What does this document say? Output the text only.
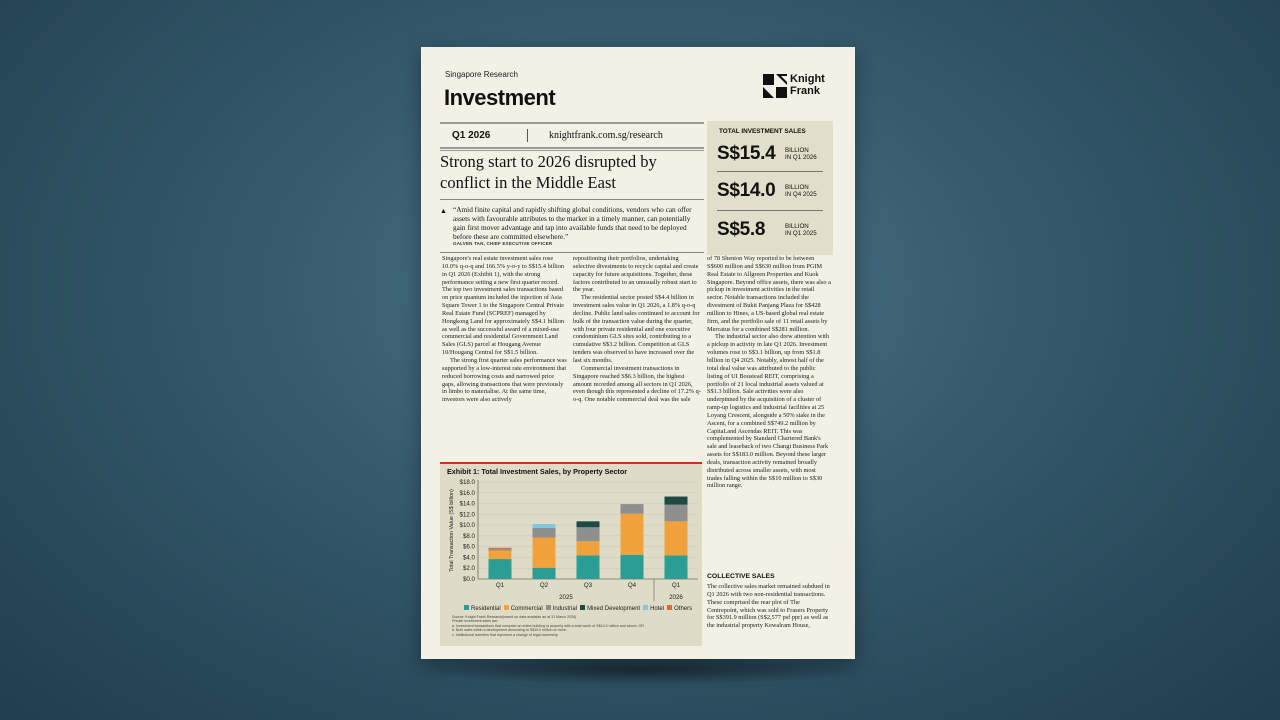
Singapore Research
Investment
Knight
Frank
Q1 2026	knightfrank.com.sg/research
Strong start to 2026 disrupted by conflict in the Middle East
▲ “Amid finite capital and rapidly shifting global conditions, vendors who can offer assets with favourable attributes to the market in a timely manner, can potentially gain first mover advantage and tap into available funds that need to be deployed before these are committed elsewhere.”
GALVEN TAN, CHIEF EXECUTIVE OFFICER
TOTAL INVESTMENT SALES
S$15.4 BILLION
IN Q1 2026
S$14.0 BILLION
IN Q4 2025
S$5.8	BILLION
IN Q1 2025

Singapore's real estate investment sales rose 10.0% q-o-q and 166.5% y-o-y to S$15.4 billion in Q1 2026 (Exhibit 1), with the strong performance setting a new first quarter record. The top two investment sales transactions based on price quantum included the injection of Asia Square Tower 1 to the Singapore Central Private Real Estate Fund (SCPREF) managed by Hongkong Land for approximately S$4.1 billion as well as the successful award of a mixed-use commercial and residential Government Land Sales (GLS) parcel at Hougang Avenue 10/Hougang Central for S$1.5 billion.

The strong first quarter sales performance was supported by a low-interest rate environment that reduced borrowing costs and narrowed price gaps, allowing transactions that were previously in limbo to materialise. At the same time, investors were also actively

repositioning their portfolios, undertaking selective divestments to recycle capital and create capacity for future acquisitions. Together, these factors contributed to an unusually robust start to the year.

The residential sector posted S$4.4 billion in investment sales value in Q1 2026, a 1.8% q-o-q decline. Public land sales continued to account for bulk of the transaction value during the quarter, with four private residential and one executive condominium GLS sites sold, contributing to a cumulative S$3.2 billion. Competition at GLS tenders was observed to have increased over the last six months.

Commercial investment transactions in Singapore reached S$6.3 billion, the highest amount recorded among all sectors in Q1 2026, even though this represented a decline of 17.2% q-o-q. One notable commercial deal was the sale

of 78 Shenton Way reported to be between S$600 million and S$630 million from PGIM Real Estate to Allgreen Properties and Kuok Singapore. Beyond office assets, there was also a pickup in investment activities in the retail sector. Notable transactions included the divestment of Bukit Panjang Plaza for S$428 million to Hines, a US-based global real estate firm, and the portfolio sale of 11 retail assets by Mercatus for a combined S$281 million.

The industrial sector also drew attention with a pickup in activity in late Q1 2026. Investment volumes rose to S$3.1 billion, up from S$1.8 billion in Q4 2025. Notably, almost half of the total deal value was attributed to the public listing of UI Boustead REIT, comprising a portfolio of 21 local industrial assets valued at S$1.3 billion. Sale activities were also underpinned by the acquisition of a cluster of ramp-up logistics and industrial facilities at 25 Loyang Crescent, alongside a 50% stake in the Ascent, for a combined S$749.2 million by CapitaLand Ascendas REIT. This was complemented by Standard Chartered Bank's sale and leaseback of two Changi Business Park assets for S$183.0 million. Beyond these larger deals, transaction activity remained broadly distributed across smaller assets, with most trades falling within the S$10 million to S$30 million range.

COLLECTIVE SALES

The collective sales market remained subdued in Q1 2026 with two non-residential transactions. These comprised the rear plot of The Centrepoint, which was sold to Frasers Property for S$391.9 million (S$2,577 psf ppr) as well as the industrial property Kewalram House,

$18.0
$16.0
$14.0
$12.0
$10.0
$8.0
$6.0
$4.0
$2.0
$0.0
Total Transaction Value (S$ billion)
Q1	Q2	Q3	Q4	Q1
2025	2026
Exhibit 1: Total Investment Sales, by Property Sector
Residential Commercial Industrial Mixed Development Hotel Others
Source: Knight Frank Research(based on data available as at 31 March 2026)
Private investment sales are:
a. Investment transactions that comprise an entire building or property with a total worth of S$10.0 million and above; OR
b. Bulk sales within a development amounting to S$10.0 million or more;
c. Institutional transfers that represent a change of legal ownership
